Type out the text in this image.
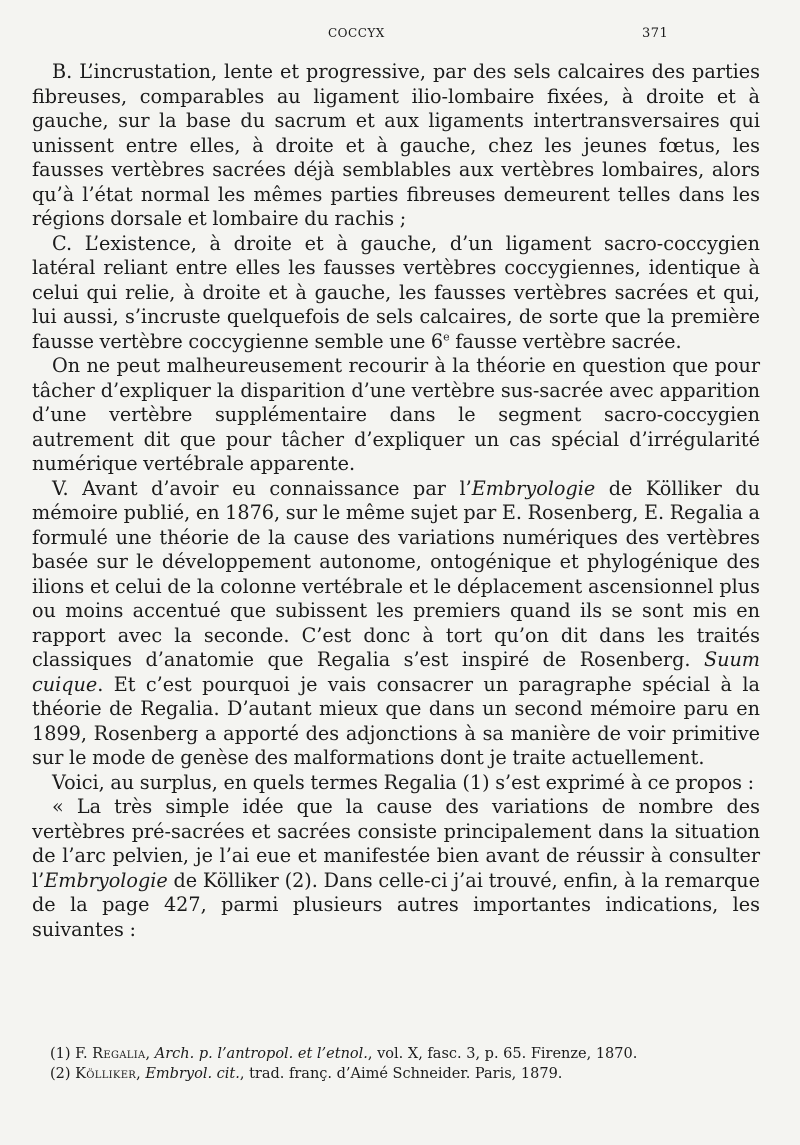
COCCYX	371

B. L’incrustation, lente et progressive, par des sels calcaires des parties fibreuses, comparables au ligament ilio-lombaire fixées, à droite et à gauche, sur la base du sacrum et aux ligaments intertransversaires qui unissent entre elles, à droite et à gauche, chez les jeunes fœtus, les fausses vertèbres sacrées déjà semblables aux vertèbres lombaires, alors qu’à l’état normal les mêmes parties fibreuses demeurent telles dans les régions dorsale et lombaire du rachis ;

C. L’existence, à droite et à gauche, d’un ligament sacro-coccygien latéral reliant entre elles les fausses vertèbres coccygiennes, identique à celui qui relie, à droite et à gauche, les fausses vertèbres sacrées et qui, lui aussi, s’incruste quelquefois de sels calcaires, de sorte que la première fausse vertèbre coccygienne semble une 6e fausse vertèbre sacrée.

On ne peut malheureusement recourir à la théorie en question que pour tâcher d’expliquer la disparition d’une vertèbre sus-sacrée avec apparition d’une vertèbre supplémentaire dans le segment sacro-coccygien autrement dit que pour tâcher d’expliquer un cas spécial d’irrégularité numérique vertébrale apparente.

V. Avant d’avoir eu connaissance par l’Embryologie de Kölliker du mémoire publié, en 1876, sur le même sujet par E. Rosenberg, E. Regalia a formulé une théorie de la cause des variations numériques des vertèbres basée sur le développement autonome, ontogénique et phylogénique des ilions et celui de la colonne vertébrale et le déplacement ascensionnel plus ou moins accentué que subissent les premiers quand ils se sont mis en rapport avec la seconde. C’est donc à tort qu’on dit dans les traités classiques d’anatomie que Regalia s’est inspiré de Rosenberg. Suum cuique. Et c’est pourquoi je vais consacrer un paragraphe spécial à la théorie de Regalia. D’autant mieux que dans un second mémoire paru en 1899, Rosenberg a apporté des adjonctions à sa manière de voir primitive sur le mode de genèse des malformations dont je traite actuellement.

Voici, au surplus, en quels termes Regalia (1) s’est exprimé à ce propos :

« La très simple idée que la cause des variations de nombre des vertèbres pré-sacrées et sacrées consiste principalement dans la situation de l’arc pelvien, je l’ai eue et manifestée bien avant de réussir à consulter l’Embryologie de Kölliker (2). Dans celle-ci j’ai trouvé, enfin, à la remarque de la page 427, parmi plusieurs autres importantes indications, les suivantes :

(1) F. Regalia, Arch. p. l’antropol. et l’etnol., vol. X, fasc. 3, p. 65. Firenze, 1870.

(2) Kölliker, Embryol. cit., trad. franç. d’Aimé Schneider. Paris, 1879.
